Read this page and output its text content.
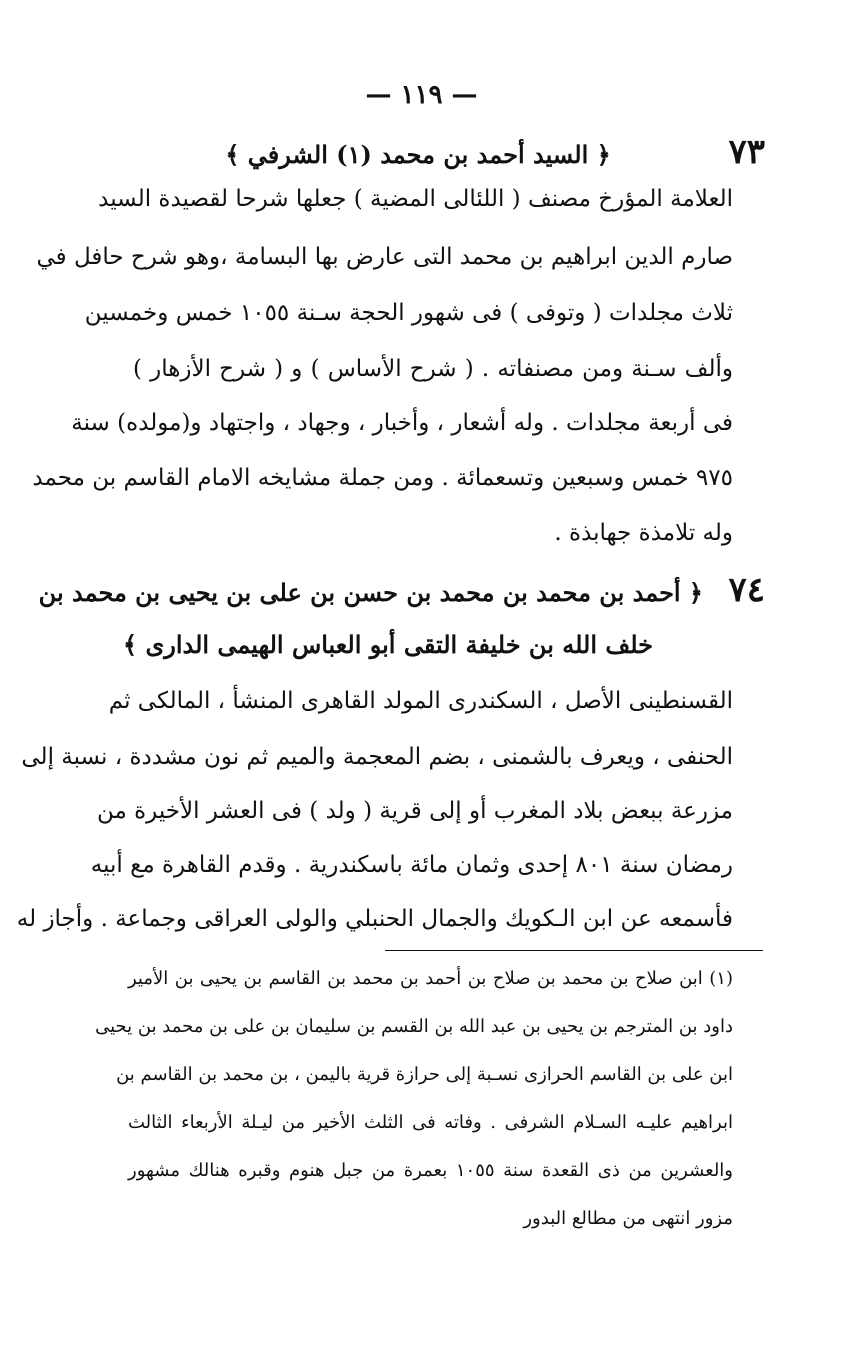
— ١١٩ —
٧٣
﴿ السيد أحمد بن محمد (١) الشرفي ﴾
العلامة المؤرخ مصنف ( اللئالى المضية ) جعلها شرحا لقصيدة السيد
صارم الدين ابراهيم بن محمد التى عارض بها البسامة ،وهو شرح حافل في
ثلاث مجلدات ( وتوفى ) فى شهور الحجة سـنة ١٠٥٥ خمس وخمسين
وألف سـنة ومن مصنفاته . ( شرح الأساس ) و ( شرح الأزهار )
فى أربعة مجلدات . وله أشعار ، وأخبار ، وجهاد ، واجتهاد و(مولده) سنة
٩٧٥ خمس وسبعين وتسعمائة . ومن جملة مشايخه الامام القاسم بن محمد
وله تلامذة جهابذة .
٧٤
﴿ أحمد بن محمد بن محمد بن حسن بن على بن يحيى بن محمد بن
خلف الله بن خليفة التقى أبو العباس الهيمى الدارى ﴾
القسنطينى الأصل ، السكندرى المولد القاهرى المنشأ ، المالكى ثم
الحنفى ، ويعرف بالشمنى ، بضم المعجمة والميم ثم نون مشددة ، نسبة إلى
مزرعة ببعض بلاد المغرب أو إلى قرية ( ولد ) فى العشر الأخيرة من
رمضان سنة ٨٠١ إحدى وثمان مائة باسكندرية . وقدم القاهرة مع أبيه
فأسمعه عن ابن الـكويك والجمال الحنبلي والولى العراقى وجماعة . وأجاز له
(١) ابن صلاح بن محمد بن صلاح بن أحمد بن محمد بن القاسم بن يحيى بن الأمير
داود بن المترجم بن يحيى بن عبد الله بن القسم بن سليمان بن على بن محمد بن يحيى
ابن على بن القاسم الحرازى نسـبة إلى حرازة قرية باليمن ، بن محمد بن القاسم بن
ابراهيم عليـه السـلام الشرفى . وفاته فى الثلث الأخير من ليـلة الأربعاء الثالث
والعشرين من ذى القعدة سنة ١٠٥٥ بعمرة من جبل هنوم وقبره هنالك مشهور
مزور انتهى من مطالع البدور
